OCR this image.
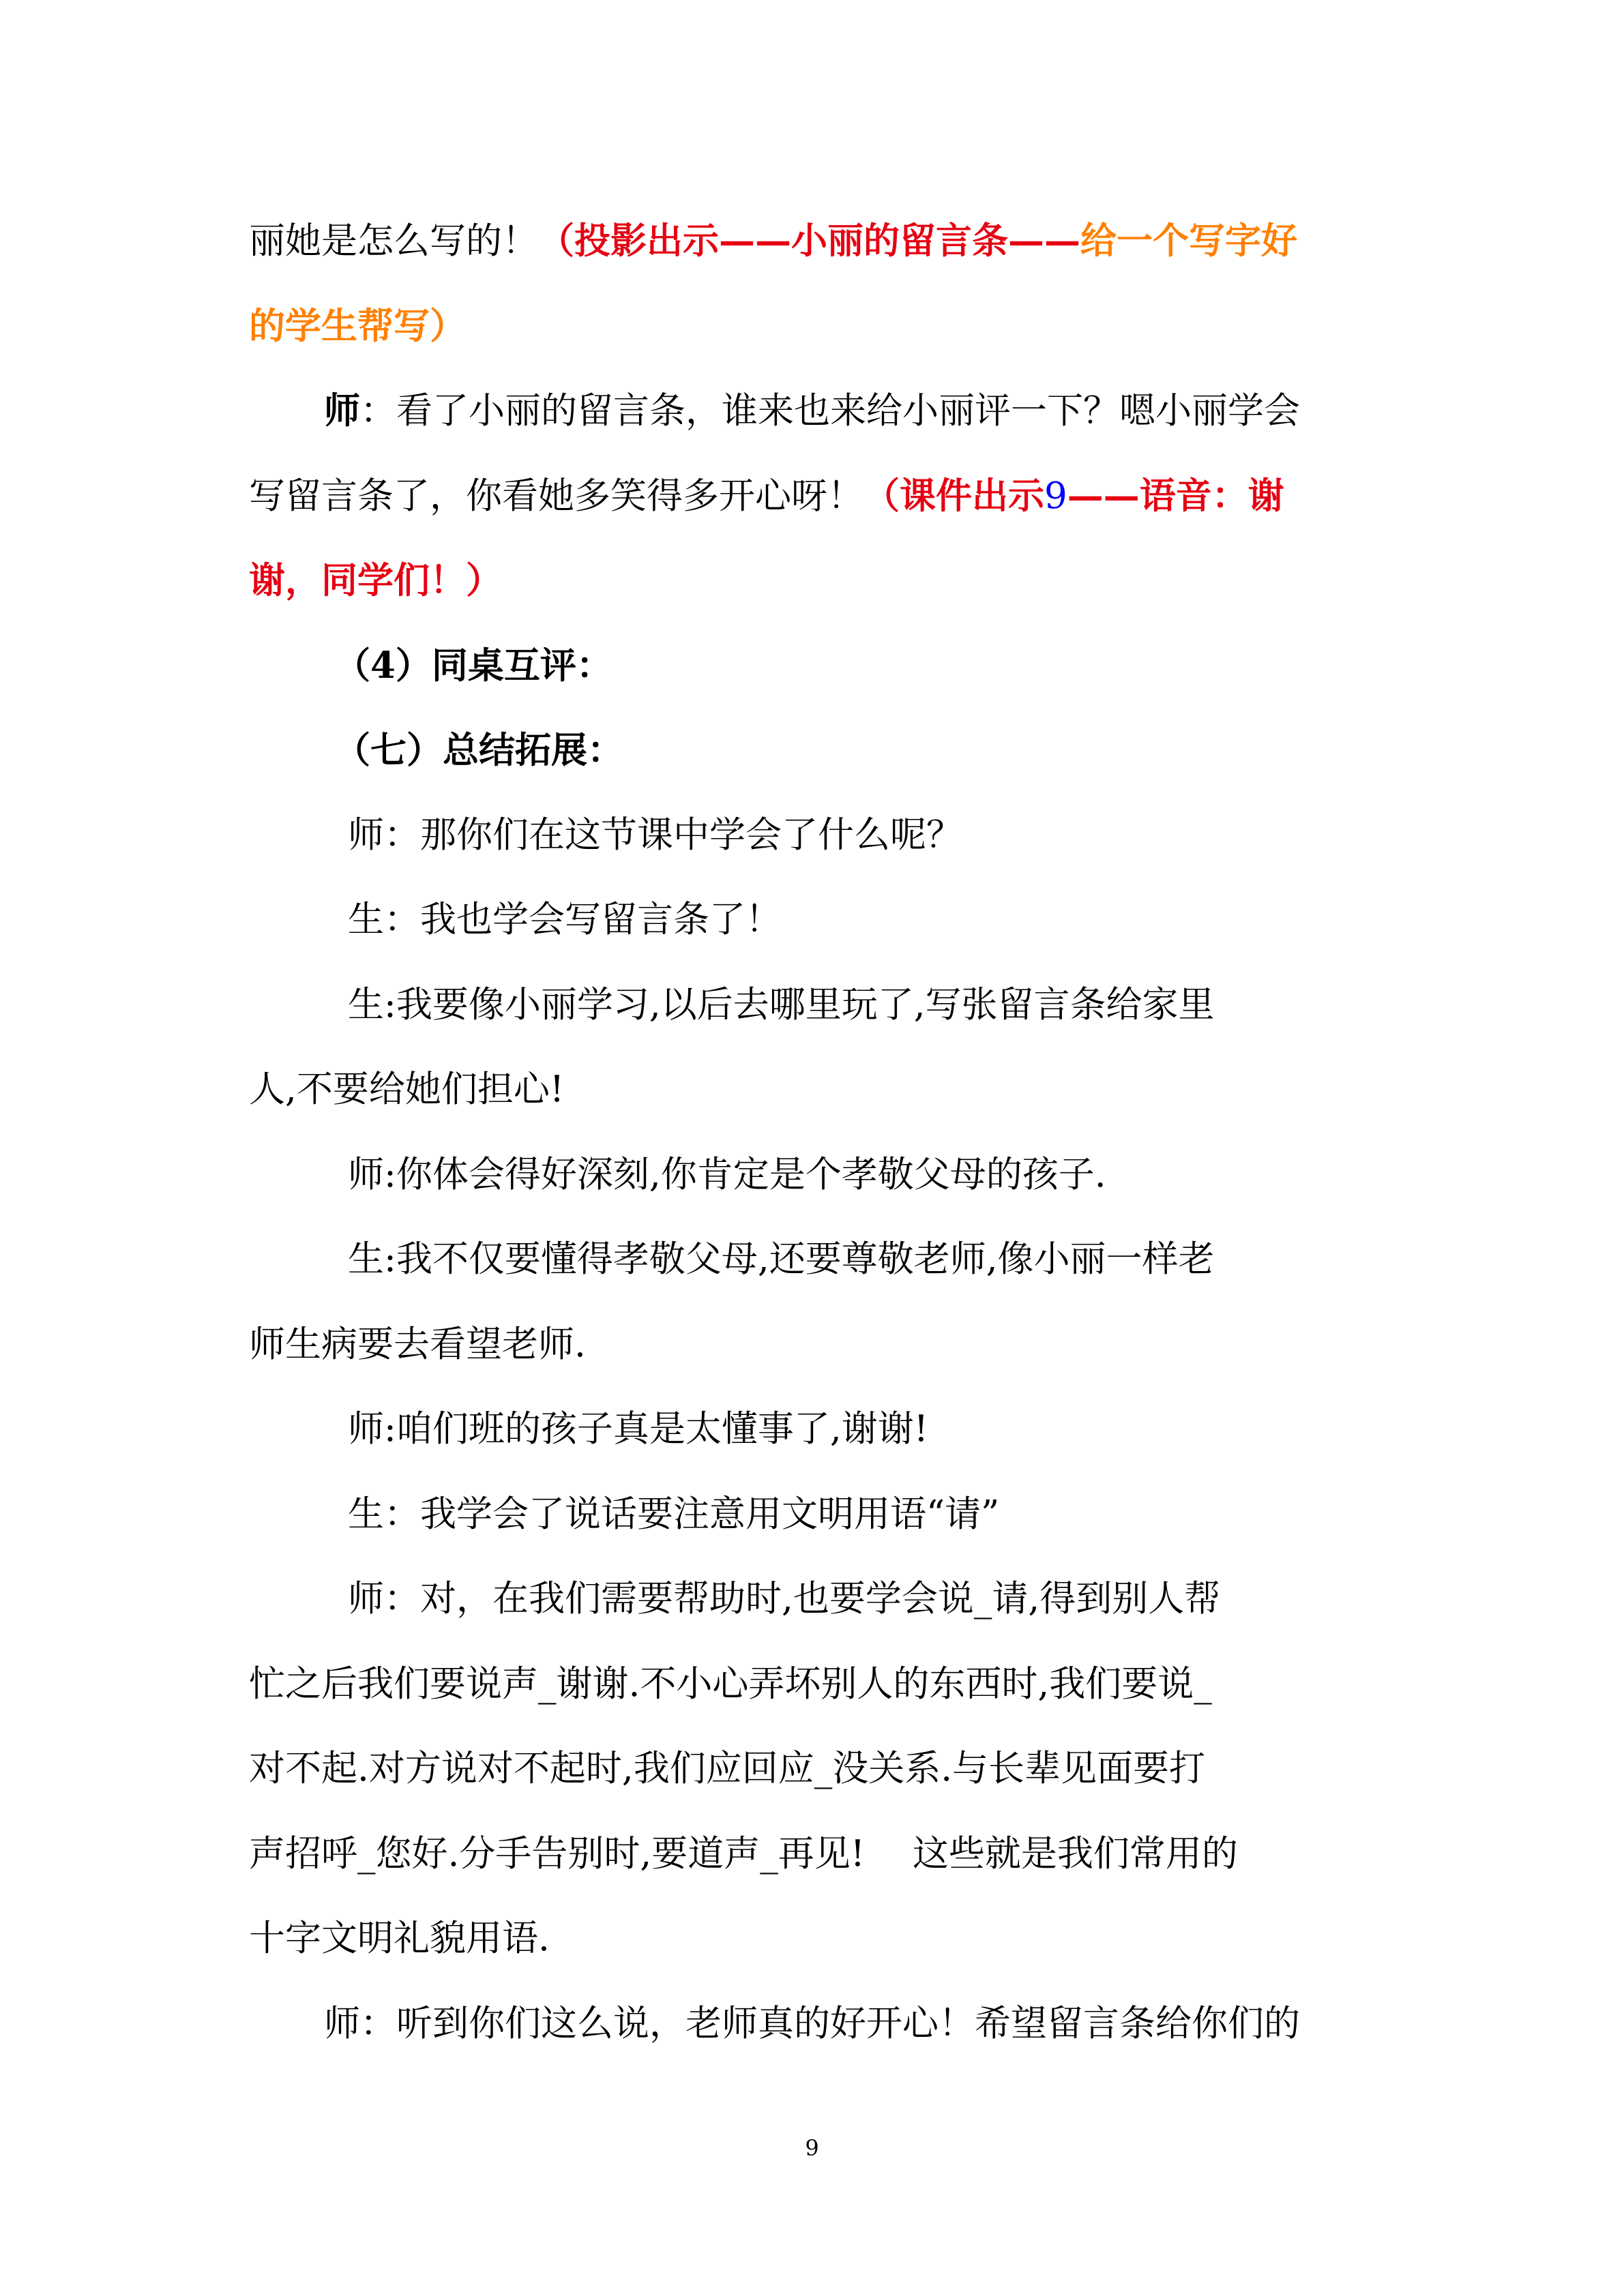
丽她是怎么写的！（投影出示——小丽的留言条——给一个写字好
的学生帮写）
师：看了小丽的留言条，谁来也来给小丽评一下？嗯小丽学会
写留言条了，你看她多笑得多开心呀！（课件出示9——语音：谢
谢，同学们！）
（4）同桌互评：
（七）总结拓展：
师：那你们在这节课中学会了什么呢？
生：我也学会写留言条了！
生:我要像小丽学习,以后去哪里玩了,写张留言条给家里
人,不要给她们担心!
师:你体会得好深刻,你肯定是个孝敬父母的孩子.
生:我不仅要懂得孝敬父母,还要尊敬老师,像小丽一样老
师生病要去看望老师.
师:咱们班的孩子真是太懂事了,谢谢!
生：我学会了说话要注意用文明用语“请”
师：对，在我们需要帮助时,也要学会说_请,得到别人帮
忙之后我们要说声_谢谢.不小心弄坏别人的东西时,我们要说_
对不起.对方说对不起时,我们应回应_没关系.与长辈见面要打
声招呼_您好.分手告别时,要道声_再见!　 这些就是我们常用的
十字文明礼貌用语.
师：听到你们这么说，老师真的好开心！希望留言条给你们的
9
